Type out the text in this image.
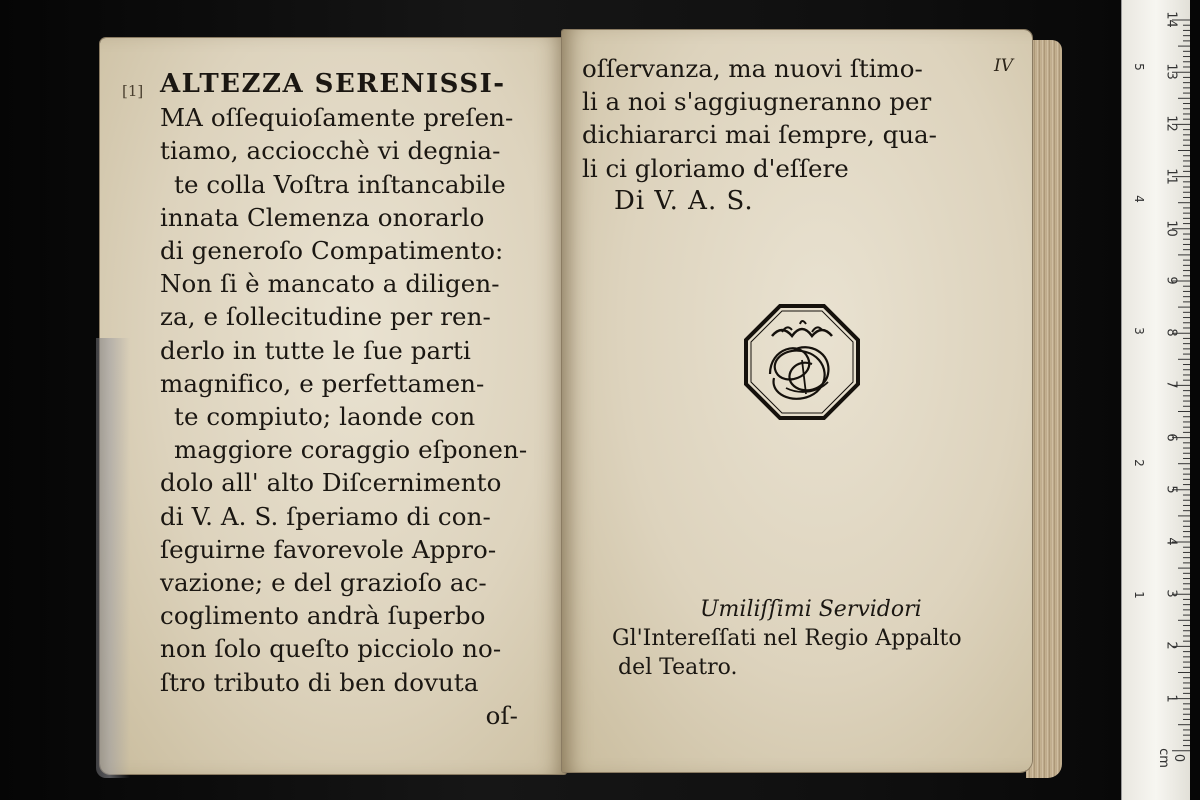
[1] ALTEZZA SERENISSI-
MA oſſequioſamente preſen-
tiamo, acciocchè vi degnia-
te colla Voſtra inſtancabile
innata Clemenza onorarlo
di generoſo Compatimento:
Non ſi è mancato a diligen-
za, e ſollecitudine per ren-
derlo in tutte le ſue parti
magnifico, e perfettamen-
te compiuto; laonde con
maggiore coraggio eſponen-
dolo all' alto Diſcernimento
di V. A. S. ſperiamo di con-
ſeguirne favorevole Appro-
vazione; e del grazioſo ac-
coglimento andrà ſuperbo
non ſolo queſto picciolo no-
ſtro tributo di ben dovuta
oſ-
IV
oſſervanza, ma nuovi ſtimo-
li a noi s'aggiugneranno per
dichiararci mai ſempre, qua-
li ci gloriamo d'eſſere
Di V. A. S.
Umiliſſimi Servidori
Gl'Intereſſati nel Regio Appalto
del Teatro.
14
13
12
11
10
9
8
7
6
5
4
3
2
1
0 cm
5
4
3
2
1
